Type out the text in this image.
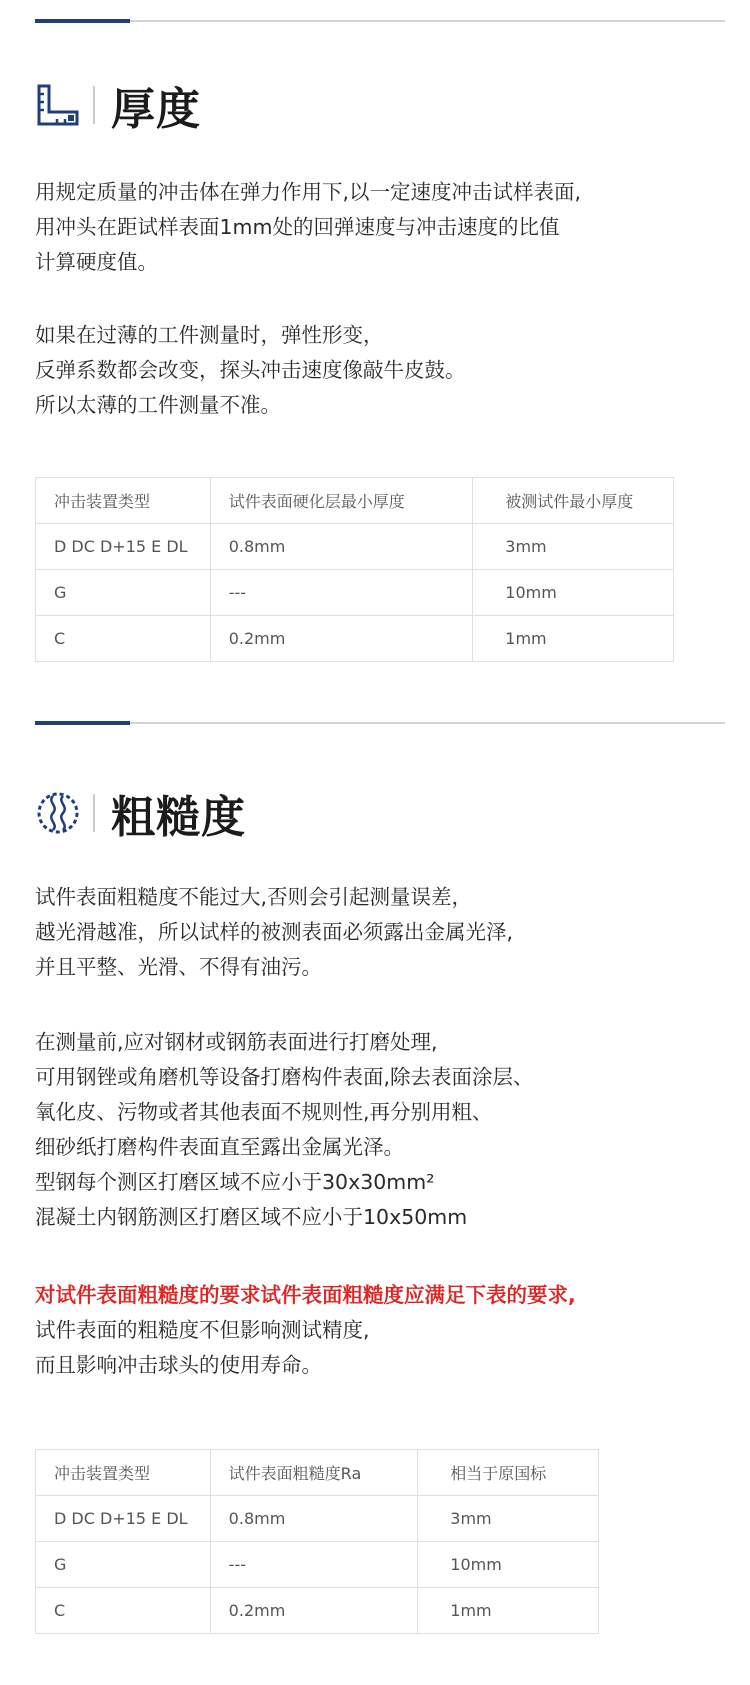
厚度

用规定质量的冲击体在弹力作用下,以一定速度冲击试样表面,

用冲头在距试样表面1mm处的回弹速度与冲击速度的比值

计算硬度值。

如果在过薄的工件测量时，弹性形变，

反弹系数都会改变，探头冲击速度像敲牛皮鼓。

所以太薄的工件测量不准。

冲击装置类型	试件表面硬化层最小厚度	被测试件最小厚度
D DC D+15 E DL	0.8mm	3mm
G	---	10mm
C	0.2mm	1mm
粗糙度

试件表面粗糙度不能过大,否则会引起测量误差，

越光滑越准，所以试样的被测表面必须露出金属光泽,

并且平整、光滑、不得有油污。

在测量前,应对钢材或钢筋表面进行打磨处理,

可用钢锉或角磨机等设备打磨构件表面,除去表面涂层、

氧化皮、污物或者其他表面不规则性,再分别用粗、

细砂纸打磨构件表面直至露出金属光泽。

型钢每个测区打磨区域不应小于30x30mm²

混凝土内钢筋测区打磨区域不应小于10x50mm

对试件表面粗糙度的要求试件表面粗糙度应满足下表的要求,

试件表面的粗糙度不但影响测试精度,

而且影响冲击球头的使用寿命。

冲击装置类型	试件表面粗糙度Ra	相当于原国标
D DC D+15 E DL	0.8mm	3mm
G	---	10mm
C	0.2mm	1mm
